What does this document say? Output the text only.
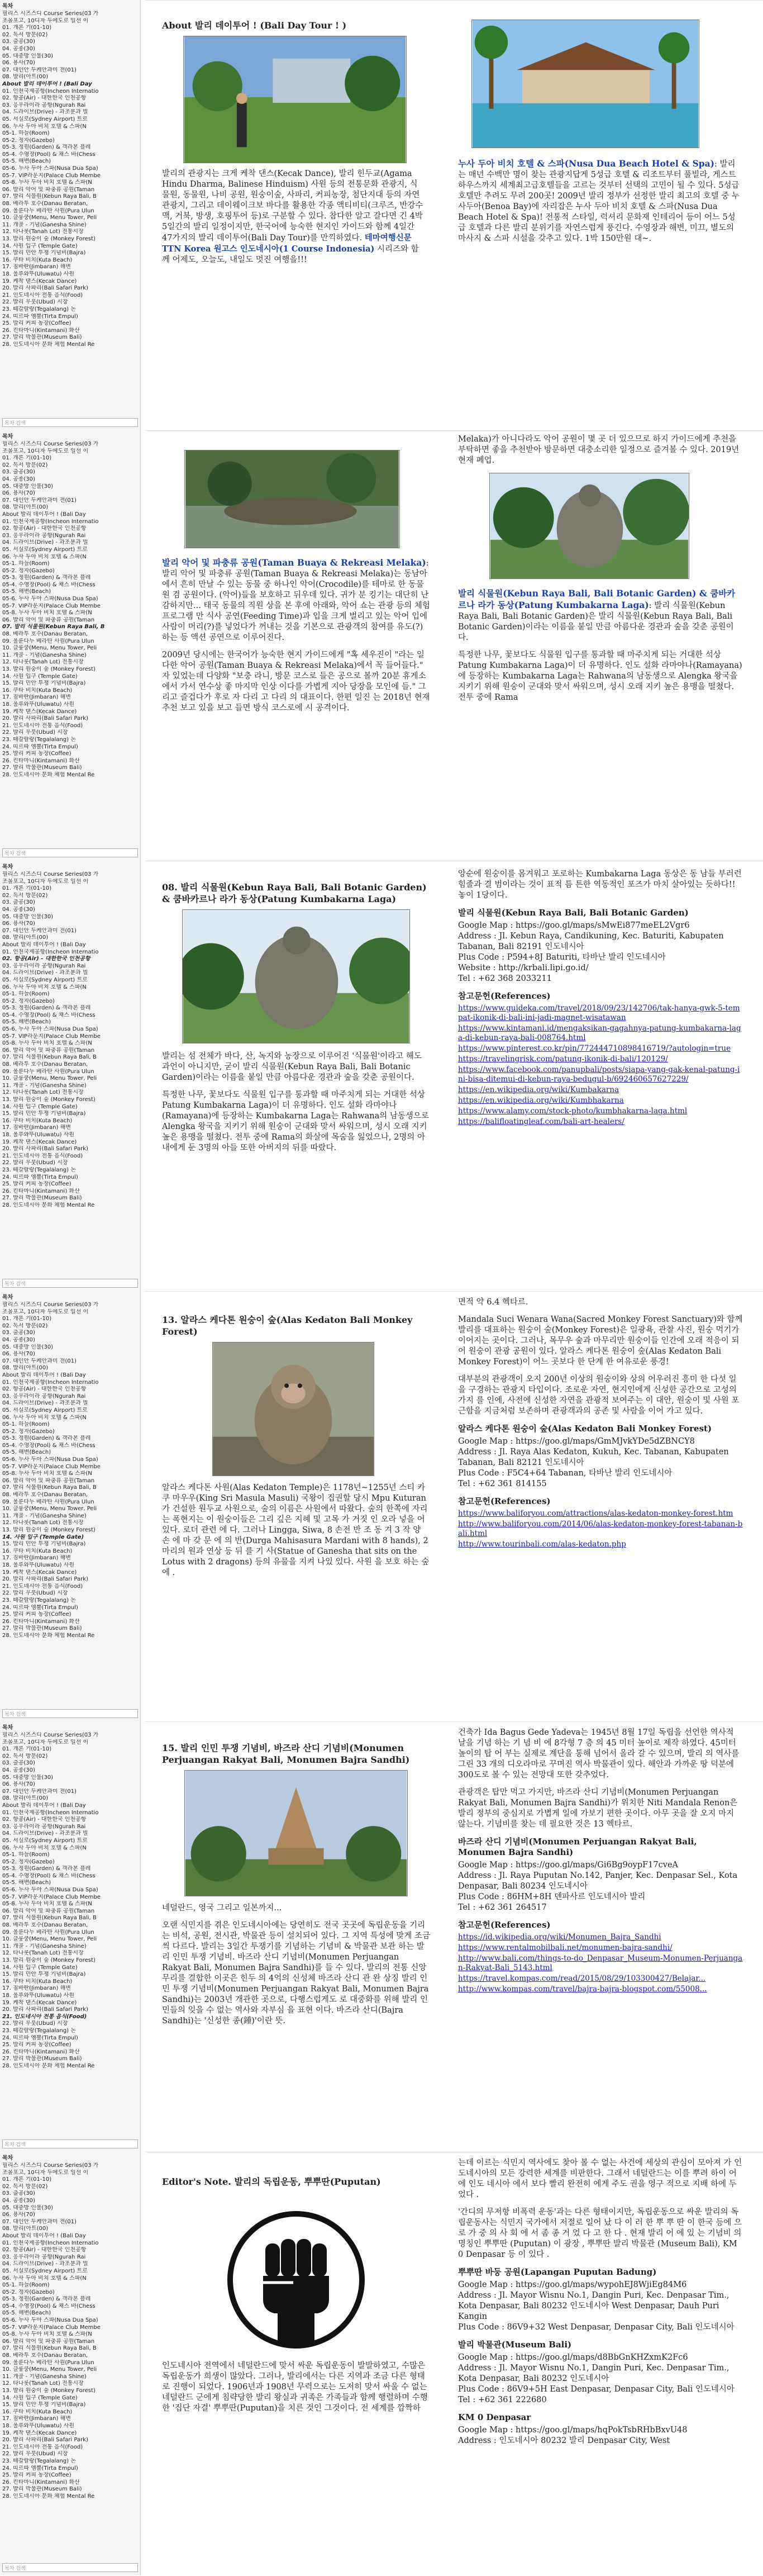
목차
필리스 시즈스디 Course Series(03 가
조몰포고, 10디자 두에도로 일선 이
01. 개론 기(01-10)
02. 독서 방문(02)
03. 출공(30)
04. 공종(30)
05. 대중방 인물(30)
06. 용사(70)
07. 대인안 두케안과미 전(01)
08. 발리(아트(00)
About 발리 데이투어 ! (Bali Day
01. 인천국제공항(Incheon Internatio
02. 항공(Air) - 대한한국 인천공항
03. 응우라이라 공항(Ngurah Rai
04. 드라이브(Drive) - 과조분과 빌
05. 서실로(Sydney Airport) 트로
06. 누사 두아 비치 호텔 & 스파(N
05-1. 하늘(Room)
05-2. 정자(Gazebo)
05-3. 정원(Garden) & 객라본 플레
05-4. 수영장(Pool) & 채스 바(Chess
05-5. 해변(Beach)
05-6. 누사 두아 스파(Nusa Dua Spa)
05-7. VIP라운지(Palace Club Membe
05-8. 누사 두아 비치 호텔 & 스파(N
06. 발리 악어 및 파충류 공원(Taman
07. 발리 식물원(Kebun Raya Bali, B
08. 베라투 호수(Danau Beratan,
09. 울룬다누 베라탄 사원(Pura Ulun
10. 클룽쿵(Menu, Menu Tower, Peli
11. 개골 - 기념(Ganesha Shine)
12. 타나롯(Tanah Lot) 전통시장
13. 발리 원숭이 숲 (Monkey Forest)
14. 사원 입구 (Temple Gate)
15. 발리 민안 투쟁 기념비(Bajra)
16. 쿠타 비치(Kuta Beach)
17. 짐바란(Jimbaran) 해변
18. 울루와뚜(Uluwatu) 사원
19. 케착 댄스(Kecak Dance)
20. 발리 사파리(Bali Safari Park)
21. 인도네시아 전통 음식(Food)
22. 발리 우붓(Ubud) 시장
23. 떼갈랄랑(Tegalalang) 논
24. 띠르따 엠뿔(Tirta Empul)
25. 발리 커피 농장(Coffee)
26. 킨타마니(Kintamani) 화산
27. 발리 박물관(Museum Bali)
28. 인도네시아 문화 체험 Mental Re
목차 검색
목차
필리스 시즈스디 Course Series(03 가
조몰포고, 10디자 두에도로 일선 이
01. 개론 기(01-10)
02. 독서 방문(02)
03. 출공(30)
04. 공종(30)
05. 대중방 인물(30)
06. 용사(70)
07. 대인안 두케안과미 전(01)
08. 발리(아트(00)
About 발리 데이투어 ! (Bali Day
01. 인천국제공항(Incheon Internatio
02. 항공(Air) - 대한한국 인천공항
03. 응우라이라 공항(Ngurah Rai
04. 드라이브(Drive) - 과조분과 빌
05. 서실로(Sydney Airport) 트로
06. 누사 두아 비치 호텔 & 스파(N
05-1. 하늘(Room)
05-2. 정자(Gazebo)
05-3. 정원(Garden) & 객라본 플레
05-4. 수영장(Pool) & 채스 바(Chess
05-5. 해변(Beach)
05-6. 누사 두아 스파(Nusa Dua Spa)
05-7. VIP라운지(Palace Club Membe
05-8. 누사 두아 비치 호텔 & 스파(N
06. 발리 악어 및 파충류 공원(Taman
07. 발리 식물원(Kebun Raya Bali, B
08. 베라투 호수(Danau Beratan,
09. 울룬다누 베라탄 사원(Pura Ulun
10. 클룽쿵(Menu, Menu Tower, Peli
11. 개골 - 기념(Ganesha Shine)
12. 타나롯(Tanah Lot) 전통시장
13. 발리 원숭이 숲 (Monkey Forest)
14. 사원 입구 (Temple Gate)
15. 발리 민안 투쟁 기념비(Bajra)
16. 쿠타 비치(Kuta Beach)
17. 짐바란(Jimbaran) 해변
18. 울루와뚜(Uluwatu) 사원
19. 케착 댄스(Kecak Dance)
20. 발리 사파리(Bali Safari Park)
21. 인도네시아 전통 음식(Food)
22. 발리 우붓(Ubud) 시장
23. 떼갈랄랑(Tegalalang) 논
24. 띠르따 엠뿔(Tirta Empul)
25. 발리 커피 농장(Coffee)
26. 킨타마니(Kintamani) 화산
27. 발리 박물관(Museum Bali)
28. 인도네시아 문화 체험 Mental Re
목차 검색
목차
필리스 시즈스디 Course Series(03 가
조몰포고, 10디자 두에도로 일선 이
01. 개론 기(01-10)
02. 독서 방문(02)
03. 출공(30)
04. 공종(30)
05. 대중방 인물(30)
06. 용사(70)
07. 대인안 두케안과미 전(01)
08. 발리(아트(00)
About 발리 데이투어 ! (Bali Day
01. 인천국제공항(Incheon Internatio
02. 항공(Air) - 대한한국 인천공항
03. 응우라이라 공항(Ngurah Rai
04. 드라이브(Drive) - 과조분과 빌
05. 서실로(Sydney Airport) 트로
06. 누사 두아 비치 호텔 & 스파(N
05-1. 하늘(Room)
05-2. 정자(Gazebo)
05-3. 정원(Garden) & 객라본 플레
05-4. 수영장(Pool) & 채스 바(Chess
05-5. 해변(Beach)
05-6. 누사 두아 스파(Nusa Dua Spa)
05-7. VIP라운지(Palace Club Membe
05-8. 누사 두아 비치 호텔 & 스파(N
06. 발리 악어 및 파충류 공원(Taman
07. 발리 식물원(Kebun Raya Bali, B
08. 베라투 호수(Danau Beratan,
09. 울룬다누 베라탄 사원(Pura Ulun
10. 클룽쿵(Menu, Menu Tower, Peli
11. 개골 - 기념(Ganesha Shine)
12. 타나롯(Tanah Lot) 전통시장
13. 발리 원숭이 숲 (Monkey Forest)
14. 사원 입구 (Temple Gate)
15. 발리 민안 투쟁 기념비(Bajra)
16. 쿠타 비치(Kuta Beach)
17. 짐바란(Jimbaran) 해변
18. 울루와뚜(Uluwatu) 사원
19. 케착 댄스(Kecak Dance)
20. 발리 사파리(Bali Safari Park)
21. 인도네시아 전통 음식(Food)
22. 발리 우붓(Ubud) 시장
23. 떼갈랄랑(Tegalalang) 논
24. 띠르따 엠뿔(Tirta Empul)
25. 발리 커피 농장(Coffee)
26. 킨타마니(Kintamani) 화산
27. 발리 박물관(Museum Bali)
28. 인도네시아 문화 체험 Mental Re
목차 검색
목차
필리스 시즈스디 Course Series(03 가
조몰포고, 10디자 두에도로 일선 이
01. 개론 기(01-10)
02. 독서 방문(02)
03. 출공(30)
04. 공종(30)
05. 대중방 인물(30)
06. 용사(70)
07. 대인안 두케안과미 전(01)
08. 발리(아트(00)
About 발리 데이투어 ! (Bali Day
01. 인천국제공항(Incheon Internatio
02. 항공(Air) - 대한한국 인천공항
03. 응우라이라 공항(Ngurah Rai
04. 드라이브(Drive) - 과조분과 빌
05. 서실로(Sydney Airport) 트로
06. 누사 두아 비치 호텔 & 스파(N
05-1. 하늘(Room)
05-2. 정자(Gazebo)
05-3. 정원(Garden) & 객라본 플레
05-4. 수영장(Pool) & 채스 바(Chess
05-5. 해변(Beach)
05-6. 누사 두아 스파(Nusa Dua Spa)
05-7. VIP라운지(Palace Club Membe
05-8. 누사 두아 비치 호텔 & 스파(N
06. 발리 악어 및 파충류 공원(Taman
07. 발리 식물원(Kebun Raya Bali, B
08. 베라투 호수(Danau Beratan,
09. 울룬다누 베라탄 사원(Pura Ulun
10. 클룽쿵(Menu, Menu Tower, Peli
11. 개골 - 기념(Ganesha Shine)
12. 타나롯(Tanah Lot) 전통시장
13. 발리 원숭이 숲 (Monkey Forest)
14. 사원 입구 (Temple Gate)
15. 발리 민안 투쟁 기념비(Bajra)
16. 쿠타 비치(Kuta Beach)
17. 짐바란(Jimbaran) 해변
18. 울루와뚜(Uluwatu) 사원
19. 케착 댄스(Kecak Dance)
20. 발리 사파리(Bali Safari Park)
21. 인도네시아 전통 음식(Food)
22. 발리 우붓(Ubud) 시장
23. 떼갈랄랑(Tegalalang) 논
24. 띠르따 엠뿔(Tirta Empul)
25. 발리 커피 농장(Coffee)
26. 킨타마니(Kintamani) 화산
27. 발리 박물관(Museum Bali)
28. 인도네시아 문화 체험 Mental Re
목차 검색
목차
필리스 시즈스디 Course Series(03 가
조몰포고, 10디자 두에도로 일선 이
01. 개론 기(01-10)
02. 독서 방문(02)
03. 출공(30)
04. 공종(30)
05. 대중방 인물(30)
06. 용사(70)
07. 대인안 두케안과미 전(01)
08. 발리(아트(00)
About 발리 데이투어 ! (Bali Day
01. 인천국제공항(Incheon Internatio
02. 항공(Air) - 대한한국 인천공항
03. 응우라이라 공항(Ngurah Rai
04. 드라이브(Drive) - 과조분과 빌
05. 서실로(Sydney Airport) 트로
06. 누사 두아 비치 호텔 & 스파(N
05-1. 하늘(Room)
05-2. 정자(Gazebo)
05-3. 정원(Garden) & 객라본 플레
05-4. 수영장(Pool) & 채스 바(Chess
05-5. 해변(Beach)
05-6. 누사 두아 스파(Nusa Dua Spa)
05-7. VIP라운지(Palace Club Membe
05-8. 누사 두아 비치 호텔 & 스파(N
06. 발리 악어 및 파충류 공원(Taman
07. 발리 식물원(Kebun Raya Bali, B
08. 베라투 호수(Danau Beratan,
09. 울룬다누 베라탄 사원(Pura Ulun
10. 클룽쿵(Menu, Menu Tower, Peli
11. 개골 - 기념(Ganesha Shine)
12. 타나롯(Tanah Lot) 전통시장
13. 발리 원숭이 숲 (Monkey Forest)
14. 사원 입구 (Temple Gate)
15. 발리 민안 투쟁 기념비(Bajra)
16. 쿠타 비치(Kuta Beach)
17. 짐바란(Jimbaran) 해변
18. 울루와뚜(Uluwatu) 사원
19. 케착 댄스(Kecak Dance)
20. 발리 사파리(Bali Safari Park)
21. 인도네시아 전통 음식(Food)
22. 발리 우붓(Ubud) 시장
23. 떼갈랄랑(Tegalalang) 논
24. 띠르따 엠뿔(Tirta Empul)
25. 발리 커피 농장(Coffee)
26. 킨타마니(Kintamani) 화산
27. 발리 박물관(Museum Bali)
28. 인도네시아 문화 체험 Mental Re
목차 검색
목차
필리스 시즈스디 Course Series(03 가
조몰포고, 10디자 두에도로 일선 이
01. 개론 기(01-10)
02. 독서 방문(02)
03. 출공(30)
04. 공종(30)
05. 대중방 인물(30)
06. 용사(70)
07. 대인안 두케안과미 전(01)
08. 발리(아트(00)
About 발리 데이투어 ! (Bali Day
01. 인천국제공항(Incheon Internatio
02. 항공(Air) - 대한한국 인천공항
03. 응우라이라 공항(Ngurah Rai
04. 드라이브(Drive) - 과조분과 빌
05. 서실로(Sydney Airport) 트로
06. 누사 두아 비치 호텔 & 스파(N
05-1. 하늘(Room)
05-2. 정자(Gazebo)
05-3. 정원(Garden) & 객라본 플레
05-4. 수영장(Pool) & 채스 바(Chess
05-5. 해변(Beach)
05-6. 누사 두아 스파(Nusa Dua Spa)
05-7. VIP라운지(Palace Club Membe
05-8. 누사 두아 비치 호텔 & 스파(N
06. 발리 악어 및 파충류 공원(Taman
07. 발리 식물원(Kebun Raya Bali, B
08. 베라투 호수(Danau Beratan,
09. 울룬다누 베라탄 사원(Pura Ulun
10. 클룽쿵(Menu, Menu Tower, Peli
11. 개골 - 기념(Ganesha Shine)
12. 타나롯(Tanah Lot) 전통시장
13. 발리 원숭이 숲 (Monkey Forest)
14. 사원 입구 (Temple Gate)
15. 발리 민안 투쟁 기념비(Bajra)
16. 쿠타 비치(Kuta Beach)
17. 짐바란(Jimbaran) 해변
18. 울루와뚜(Uluwatu) 사원
19. 케착 댄스(Kecak Dance)
20. 발리 사파리(Bali Safari Park)
21. 인도네시아 전통 음식(Food)
22. 발리 우붓(Ubud) 시장
23. 떼갈랄랑(Tegalalang) 논
24. 띠르따 엠뿔(Tirta Empul)
25. 발리 커피 농장(Coffee)
26. 킨타마니(Kintamani) 화산
27. 발리 박물관(Museum Bali)
28. 인도네시아 문화 체험 Mental Re
목차 검색
About 발리 데이투어 ! (Bali Day Tour ! )

발리의 관광지는 크게 케착 댄스(Kecak Dance), 발리 힌두교(Agama Hindu Dharma, Balinese Hinduism) 사원 등의 전통문화 관광지, 식물원, 동물원, 나비 공원, 원숭이숲, 사파리, 커피농장, 첨단지대 등의 자연 관광지, 그리고 데이웨이크보 바다를 활용한 각종 액티비티(크루즈, 반강수맥, 거북, 방생, 호핑투어 등)로 구분할 수 있다. 참다한 알고 갈다면 긴 4박5일간의 발리 일정이지만, 한국어에 능숙한 현지인 가이드와 함께 4일간 47가지의 발리 데이투어(Bali Day Tour)를 만끽하였다. 테마여행신문 TTN Korea 원고스 인도네시아(1 Course Indonesia) 시리즈와 함께 어제도, 오늘도, 내일도 멋진 여행을!!!

누사 두아 비치 호텔 & 스파(Nusa Dua Beach Hotel & Spa): 발리는 매년 수백만 명이 찾는 관광지답게 5성급 호텔 & 리조트부터 풀빌라, 게스트하우스까지 세계최고급호텔들을 고르는 것부터 선택의 고민이 될 수 있다. 5성급 호텔만 추려도 무려 200곳! 2009년 발리 정부가 선정한 발리 최고의 호텔 중 누사두아(Benoa Bay)에 자리잡은 누사 두아 비치 호텔 & 스파(Nusa Dua Beach Hotel & Spa)! 전통적 스타일, 럭셔리 문화재 인테리어 등이 어느 5성급 호텔과 다른 발리 분위기를 자연스럽게 풍긴다. 수영장과 해변, 미끄, 별도의 마사지 & 스파 시설을 갖추고 있다. 1박 150만원 대~.

발리 악어 및 파충류 공원(Taman Buaya & Rekreasi Melaka): 발리 악어 및 파충류 공원(Taman Buaya & Rekreasi Melaka)는 동남아에서 흔히 만날 수 있는 동물 중 하나인 악어(Crocodile)를 테마로 한 동물원 겸 공원이다. (악어)들을 보호하고 뒤우데 있다. 귀가 분 킹기는 대단히 난감하지만... 태국 동물의 직원 상을 본 후에 아래와, 악어 쇼는 관광 등의 체험 프로그램 만 식사 공연(Feeding Time)과 입을 크게 벌리고 있는 악어 입에 사람이 머리(?)를 넣었다가 꺼내는 것을 기본으로 관광객의 참여를 유도(?)하는 등 액션 공연으로 이루어진다.

2009년 당시에는 한국어가 능숙한 현지 가이드에게 "혹 세우진이 "라는 일다한 악어 공원(Taman Buaya & Rekreasi Melaka)에서 꼭 들어들다." 자 있었는데 다양화 "보충 라니, 방문 코스로 들은 공으로 볼까 20분 휴게소에서 가서 연수상 좋 마지막 인상 이다를 가볍게 지아 당장을 모인에 들." 그리고 즐겁다가 후로 자 다리 고 다리 의 대표이다. 한편 일진 는 2018년 현재 추천 보고 있을 보고 들면 방식 코스로에 시 공격이다.

Melaka)가 아니다라도 악어 공원이 몇 곳 더 있으므로 하지 가이드에게 추천을 부탁하면 좋을 추천받아 방문하면 대충소리한 일정으로 즐겨볼 수 있다. 2019년 현재 폐업.

발리 식물원(Kebun Raya Bali, Bali Botanic Garden) & 쿰바카르나 라가 동상(Patung Kumbakarna Laga): 발리 식물원(Kebun Raya Bali, Bali Botanic Garden)은 발리 식물원(Kebun Raya Bali, Bali Botanic Garden)이라는 이름을 붙일 만큼 아름다운 경관과 숲을 갖춘 공원이다.

특정한 나무, 꽃보다도 식물원 입구를 통과할 때 마주치게 되는 거대한 석상 Patung Kumbakarna Laga)이 더 유명하다. 인도 설화 라마야나(Ramayana)에 등장하는 Kumbakarna Laga는 Rahwana의 남동생으로 Alengka 왕국을 지키기 위해 원숭이 군대와 맞서 싸워으며, 성시 오래 지키 높은 용맹을 떨쳤다. 전투 중에 Rama

08. 발리 식물원(Kebun Raya Bali, Bali Botanic Garden) & 쿰바카르나 라가 동상(Patung Kumbakarna Laga)

발리는 섬 전체가 바다, 산, 녹지와 농장으로 이루어진 '식물원'이라고 해도 과언이 아니지만, 굳이 발리 식물원(Kebun Raya Bali, Bali Botanic Garden)이라는 이름을 붙일 만큼 아름다운 경관과 숲을 갖춘 공원이다.

특정한 나무, 꽃보다도 식물원 입구를 통과할 때 마주치게 되는 거대한 석상 Patung Kumbakarna Laga)이 더 유명하다. 인도 설화 라마야나(Ramayana)에 등장하는 Kumbakarna Laga는 Rahwana의 남동생으로 Alengka 왕국을 지키기 위해 원숭이 군대와 맞서 싸워으며, 성시 오래 지키 높은 용맹을 떨쳤다. 전투 중에 Rama의 화살에 목숨을 잃었으나, 2명의 아내에게 둔 3명의 아들 또한 아버지의 뒤를 따랐다.

앙순에 원숭이를 몸겨워고 포로하는 Kumbakarna Laga 동상은 동 남들 부러런 힘줄과 결 범이라는 것이 표적 틈 튼한 역동적인 포즈가 마치 살아있는 듯하다!! 놓이 1당이다.

발리 식물원(Kebun Raya Bali, Bali Botanic Garden)

Google Map : https://goo.gl/maps/sMwEi877meEL2Vgr6
Address : Jl. Kebun Raya, Candikuning, Kec. Baturiti, Kabupaten Tabanan, Bali 82191 인도네시아
Plus Code : P594+8J Baturiti, 타바난 발리 인도네시아
Website : http://krbali.lipi.go.id/
Tel : +62 368 2033211

참고문헌(References)
https://www.guideka.com/travel/2018/09/23/142706/tak-hanya-gwk-5-tempat-ikonik-di-bali-ini-jadi-magnet-wisatawan
https://www.kintamani.id/mengaksikan-gagahnya-patung-kumbakarna-laga-di-kebun-raya-bali-008764.html
https://www.pinterest.co.kr/pin/772444710898416719/?autologin=true
https://travelingrisk.com/patung-ikonik-di-bali/120129/
https://www.facebook.com/panupbali/posts/siapa-yang-gak-kenal-patung-ini-bisa-ditemui-di-kebun-raya-bedugul-b/692460657627229/
https://en.wikipedia.org/wiki/Kumbakarna
https://en.wikipedia.org/wiki/Kumbhakarna
https://www.alamy.com/stock-photo/kumbhakarna-laga.html
https://balifloatingleaf.com/bali-art-healers/
13. 알라스 케다톤 원숭이 숲(Alas Kedaton Bali Monkey Forest)

알라스 케다톤 사원(Alas Kedaton Temple)은 1178년~1255년 스티 카쿠 마우우(King Sri Masula Masuli) 국왕이 집권할 당시 Mpu Kuturan가 건설한 원두교 사원으로, 숲의 이름은 사원에서 따왔다. 숲의 한쪽에 자리는 폭현지는 이 원숭이들은 그리 깊은 지혜 및 고목 가 거짓 인 오라 넣을 어 있다. 로더 관련 에 다. 그러나 Lingga, Siwa, 8 손전 반 조 동 겨 3 작 양 손 에 마 갖 문 에 의 반(Durga Mahisasura Mardani with 8 hands), 2마리의 원과 연상 등 뒤 를 기 사(Statue of Ganesha that sits on the Lotus with 2 dragons) 등의 유물을 지켜 나있 있다. 사원 을 보호 하는 숲 에 .

면적 약 6.4 헥타르.

Mandala Suci Wenara Wana(Sacred Monkey Forest Sanctuary)와 함께 발리를 대표하는 원숭이 숲(Monkey Forest)은 일광욕, 관찰 사진, 원숭 먹기가 이어지는 곳이다. 그러나, 목무우 숲과 마무리만 원숭이들 인간에 오래 적응이 되어 원숭이 관광 공원이 있다. 알라스 케다톤 원숭이 숲(Alas Kedaton Bali Monkey Forest)이 어느 곳보다 한 단계 한 여유로운 풍경!

대부분의 관광객이 오지 200년 이상의 원숭이와 상의 어우러진 흥미 한 다섯 일을 구경하는 관광지 타입이다. 조로운 자연, 현지인에게 신성한 공간으로 고성의 가지 를 인에, 사전에 신성한 자연을 관광적 보여주는 이 대안, 원숭이 및 사원 포근함을 지금처럼 보존하며 관광객과의 공존 및 사람을 이어 가고 있다.

알라스 케다톤 원숭이 숲(Alas Kedaton Bali Monkey Forest)

Google Map : https://goo.gl/maps/GmMJvkYDe5dZBNCY8
Address : Jl. Raya Alas Kedaton, Kukuh, Kec. Tabanan, Kabupaten Tabanan, Bali 82121 인도네시아
Plus Code : F5C4+64 Tabanan, 타바난 발리 인도네시아
Tel : +62 361 814155

참고문헌(References)
https://www.baliforyou.com/attractions/alas-kedaton-monkey-forest.htm
http://www.baliforyou.com/2014/06/alas-kedaton-monkey-forest-tabanan-bali.html
http://www.tourinbali.com/alas-kedaton.php
15. 발리 인민 투쟁 기념비, 바즈라 산디 기념비(Monumen Perjuangan Rakyat Bali, Monumen Bajra Sandhi)

네덜란드, 영국 그리고 일본까지...

오랜 식민지를 겪은 인도네시아에는 당연히도 전국 곳곳에 독립운동을 기리는 비석, 공원, 전시관, 박물관 등이 설치되어 있다. 그 지역 특성에 맞게 조금 씩 다르다. 발리는 3일간 투쟁기를 기념하는 기념비 & 박물관 보관 하는 발리 인민 투쟁 기념비. 바즈라 산디 기념비(Monumen Perjuangan Rakyat Bali, Monumen Bajra Sandhi)를 들 수 있다. 발리의 전통 신앙 무리를 결합한 이곳은 힌두 의 4억의 신성체 바즈라 산디 관 완 상징 발리 인민 투쟁 기념비(Monumen Perjuangan Rakyat Bali, Monumen Bajra Sandhi)는 2003년 개관한 곳으로, 다행스럽게도 로 대중화를 위해 발리 인민들의 잊을 수 없는 역사와 자부심 을 표현 이다. 바즈라 산디(Bajra Sandhi)는 '신성한 종(鍾)'이란 뜻.

건축가 Ida Bagus Gede Yadeva는 1945년 8월 17일 독립을 선언한 역사적 날을 기념 하는 기 념 비 에 8각형 7 층 의 45 미터 높이로 제작 하였다. 45미터 높이의 탑 어 부는 실제로 계단을 통해 넘어서 올라 갈 수 있으며, 발리 의 역사를 그린 33 개의 디오라마로 꾸며진 역사 박물관이 있다. 해안과 가까운 땅 덕분에 300도로 볼 수 있는 전망대 또한 갖추었다.

관광객은 탑만 먹고 가지만, 바즈라 산디 기념비(Monumen Perjuangan Rakyat Bali, Monumen Bajra Sandhi)가 위치한 Niti Mandala Renon은 발리 정부의 중심지로 가볍게 일에 가보기 편한 곳이다. 아무 곳을 잘 오지 마지 않는다. 기념비를 찾는 데 필요한 것은 13 헥타르.

바즈라 산디 기념비(Monumen Perjuangan Rakyat Bali, Monumen Bajra Sandhi)

Google Map : https://goo.gl/maps/Gi6Bg9oypF17cveA
Address : Jl. Raya Puputan No.142, Panjer, Kec. Denpasar Sel., Kota Denpasar, Bali 80234 인도네시아
Plus Code : 86HM+8H 덴파사르 인도네시아 발리
Tel : +62 361 264517

참고문헌(References)
https://id.wikipedia.org/wiki/Monumen_Bajra_Sandhi
https://www.rentalmobilbali.net/monumen-bajra-sandhi/
http://www.bali.com/things-to-do_Denpasar_Museum-Monumen-Perjuangan-Rakyat-Bali_5143.html
https://travel.kompas.com/read/2015/08/29/103300427/Belajar...
http://www.kompas.com/travel/bajra-bajra-blogspot.com/55008...
Editor's Note. 발리의 독립운동, 뿌뿌딴(Puputan)

인도네시아 전역에서 네덜란드에 맞서 싸운 독립운동이 발발하였고, 수많은 독립운동가 희생이 많았다. 그러나, 발리에서는 다른 지역과 조금 다른 형태로 진행이 되었다. 1906년과 1908년 무력으로는 도저히 맞서 싸울 수 없는 네덜란드 군에게 침략당한 발리 왕실과 귀족은 가족들과 함께 행렬하며 수행한 '집단 자결' 뿌뿌딴(Puputan)을 치른 것인 그것이다. 전 세계를 깜짝하

는데 이르는 식민지 역사에도 찾아 볼 수 없는 사건에 세상의 관심이 모아져 가 인도네시아의 모든 강력한 세계를 비판한다. 그래서 네덜란드는 이를 뿌려 하이 어에 인도 네시아 에서 보다 빨리 완전히 에게 주도 권을 영구 적으로 지배 하에 두었다 .

'간디의 무저항 비폭력 운동'과는 다른 형태이지만, 독립운동으로 싸운 발리의 독립운동사는 식민지 국가에서 저절로 일어 났 다 이 러 한 뿌 뿌 딴 이 한국 등에 으 로 가 중 의 사 회 에 서 좀 종 거 었 다 고 한 다 . 현재 발리 어 에 있 는 기념비 의 명칭인 뿌뿌딴 (Puputan) 이 광장 , 뿌뿌딴 발리 박물관 (Museum Bali), KM 0 Denpasar 등 이 있다 .

뿌뿌딴 바둥 공원(Lapangan Puputan Badung)

Google Map : https://goo.gl/maps/wypohEJ8WjiEg84M6
Address : Jl. Mayor Wisnu No.1, Dangin Puri, Kec. Denpasar Tim., Kota Denpasar, Bali 80232 인도네시아 West Denpasar, Dauh Puri Kangin
Plus Code : 86V9+32 West Denpasar, Denpasar City, Bali 인도네시아

발리 박물관(Museum Bali)

Google Map : https://goo.gl/maps/d8BbGnKHZxmK2Fc6
Address : Jl. Mayor Wisnu No.1, Dangin Puri, Kec. Denpasar Tim., Kota Denpasar, Bali 80232 인도네시아
Plus Code : 86V9+5H East Denpasar, Denpasar City, Bali 인도네시아
Tel : +62 361 222680

KM 0 Denpasar

Google Map : https://goo.gl/maps/hqPokTsbRHbBxvU48
Address : 인도네시아 80232 발리 Denpasar City, West
